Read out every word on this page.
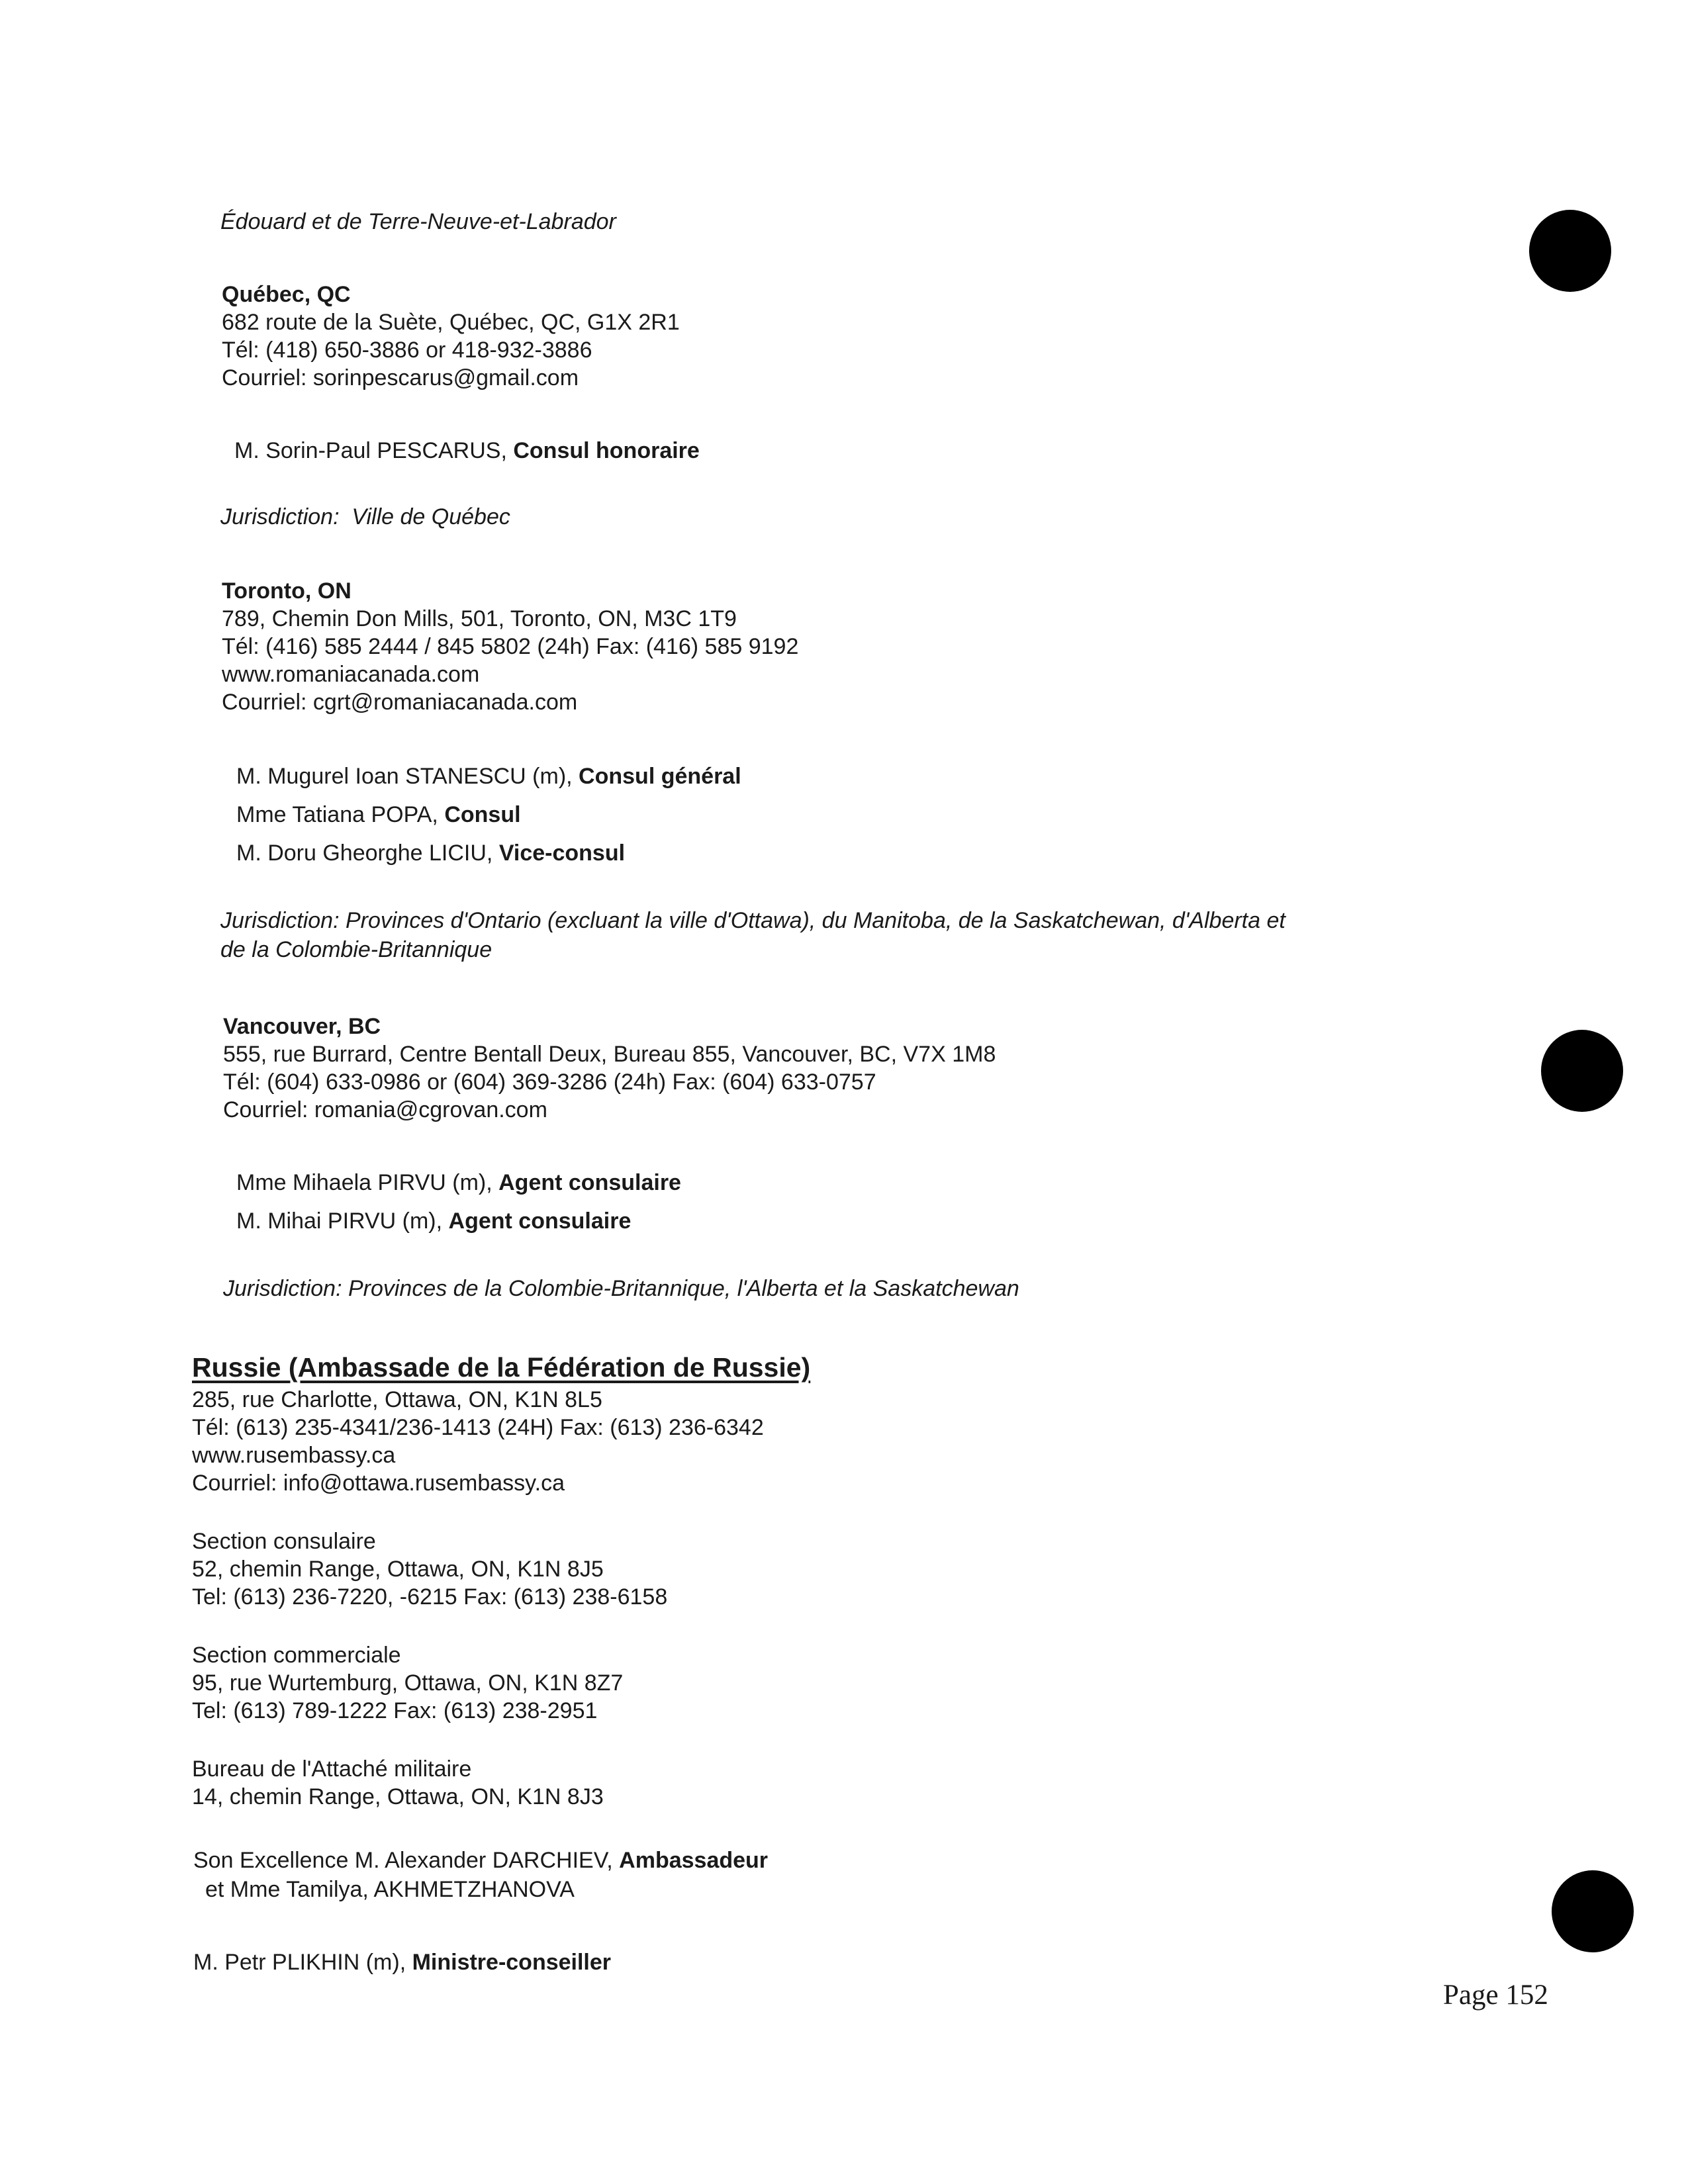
Édouard et de Terre-Neuve-et-Labrador
Québec, QC
682 route de la Suète, Québec, QC, G1X 2R1
Tél: (418) 650-3886 or 418-932-3886
Courriel: sorinpescarus@gmail.com
M. Sorin-Paul PESCARUS, Consul honoraire
Jurisdiction: Ville de Québec
Toronto, ON
789, Chemin Don Mills, 501, Toronto, ON, M3C 1T9
Tél: (416) 585 2444 / 845 5802 (24h) Fax: (416) 585 9192
www.romaniacanada.com
Courriel: cgrt@romaniacanada.com
M. Mugurel Ioan STANESCU (m), Consul général
Mme Tatiana POPA, Consul
M. Doru Gheorghe LICIU, Vice-consul
Jurisdiction: Provinces d'Ontario (excluant la ville d'Ottawa), du Manitoba, de la Saskatchewan, d'Alberta et
de la Colombie-Britannique
Vancouver, BC
555, rue Burrard, Centre Bentall Deux, Bureau 855, Vancouver, BC, V7X 1M8
Tél: (604) 633-0986 or (604) 369-3286 (24h) Fax: (604) 633-0757
Courriel: romania@cgrovan.com
Mme Mihaela PIRVU (m), Agent consulaire
M. Mihai PIRVU (m), Agent consulaire
Jurisdiction: Provinces de la Colombie-Britannique, l'Alberta et la Saskatchewan
Russie (Ambassade de la Fédération de Russie)
285, rue Charlotte, Ottawa, ON, K1N 8L5
Tél: (613) 235-4341/236-1413 (24H) Fax: (613) 236-6342
www.rusembassy.ca
Courriel: info@ottawa.rusembassy.ca
Section consulaire
52, chemin Range, Ottawa, ON, K1N 8J5
Tel: (613) 236-7220, -6215 Fax: (613) 238-6158
Section commerciale
95, rue Wurtemburg, Ottawa, ON, K1N 8Z7
Tel: (613) 789-1222 Fax: (613) 238-2951
Bureau de l'Attaché militaire
14, chemin Range, Ottawa, ON, K1N 8J3
Son Excellence M. Alexander DARCHIEV, Ambassadeur
et Mme Tamilya, AKHMETZHANOVA
M. Petr PLIKHIN (m), Ministre-conseiller
Page 152
